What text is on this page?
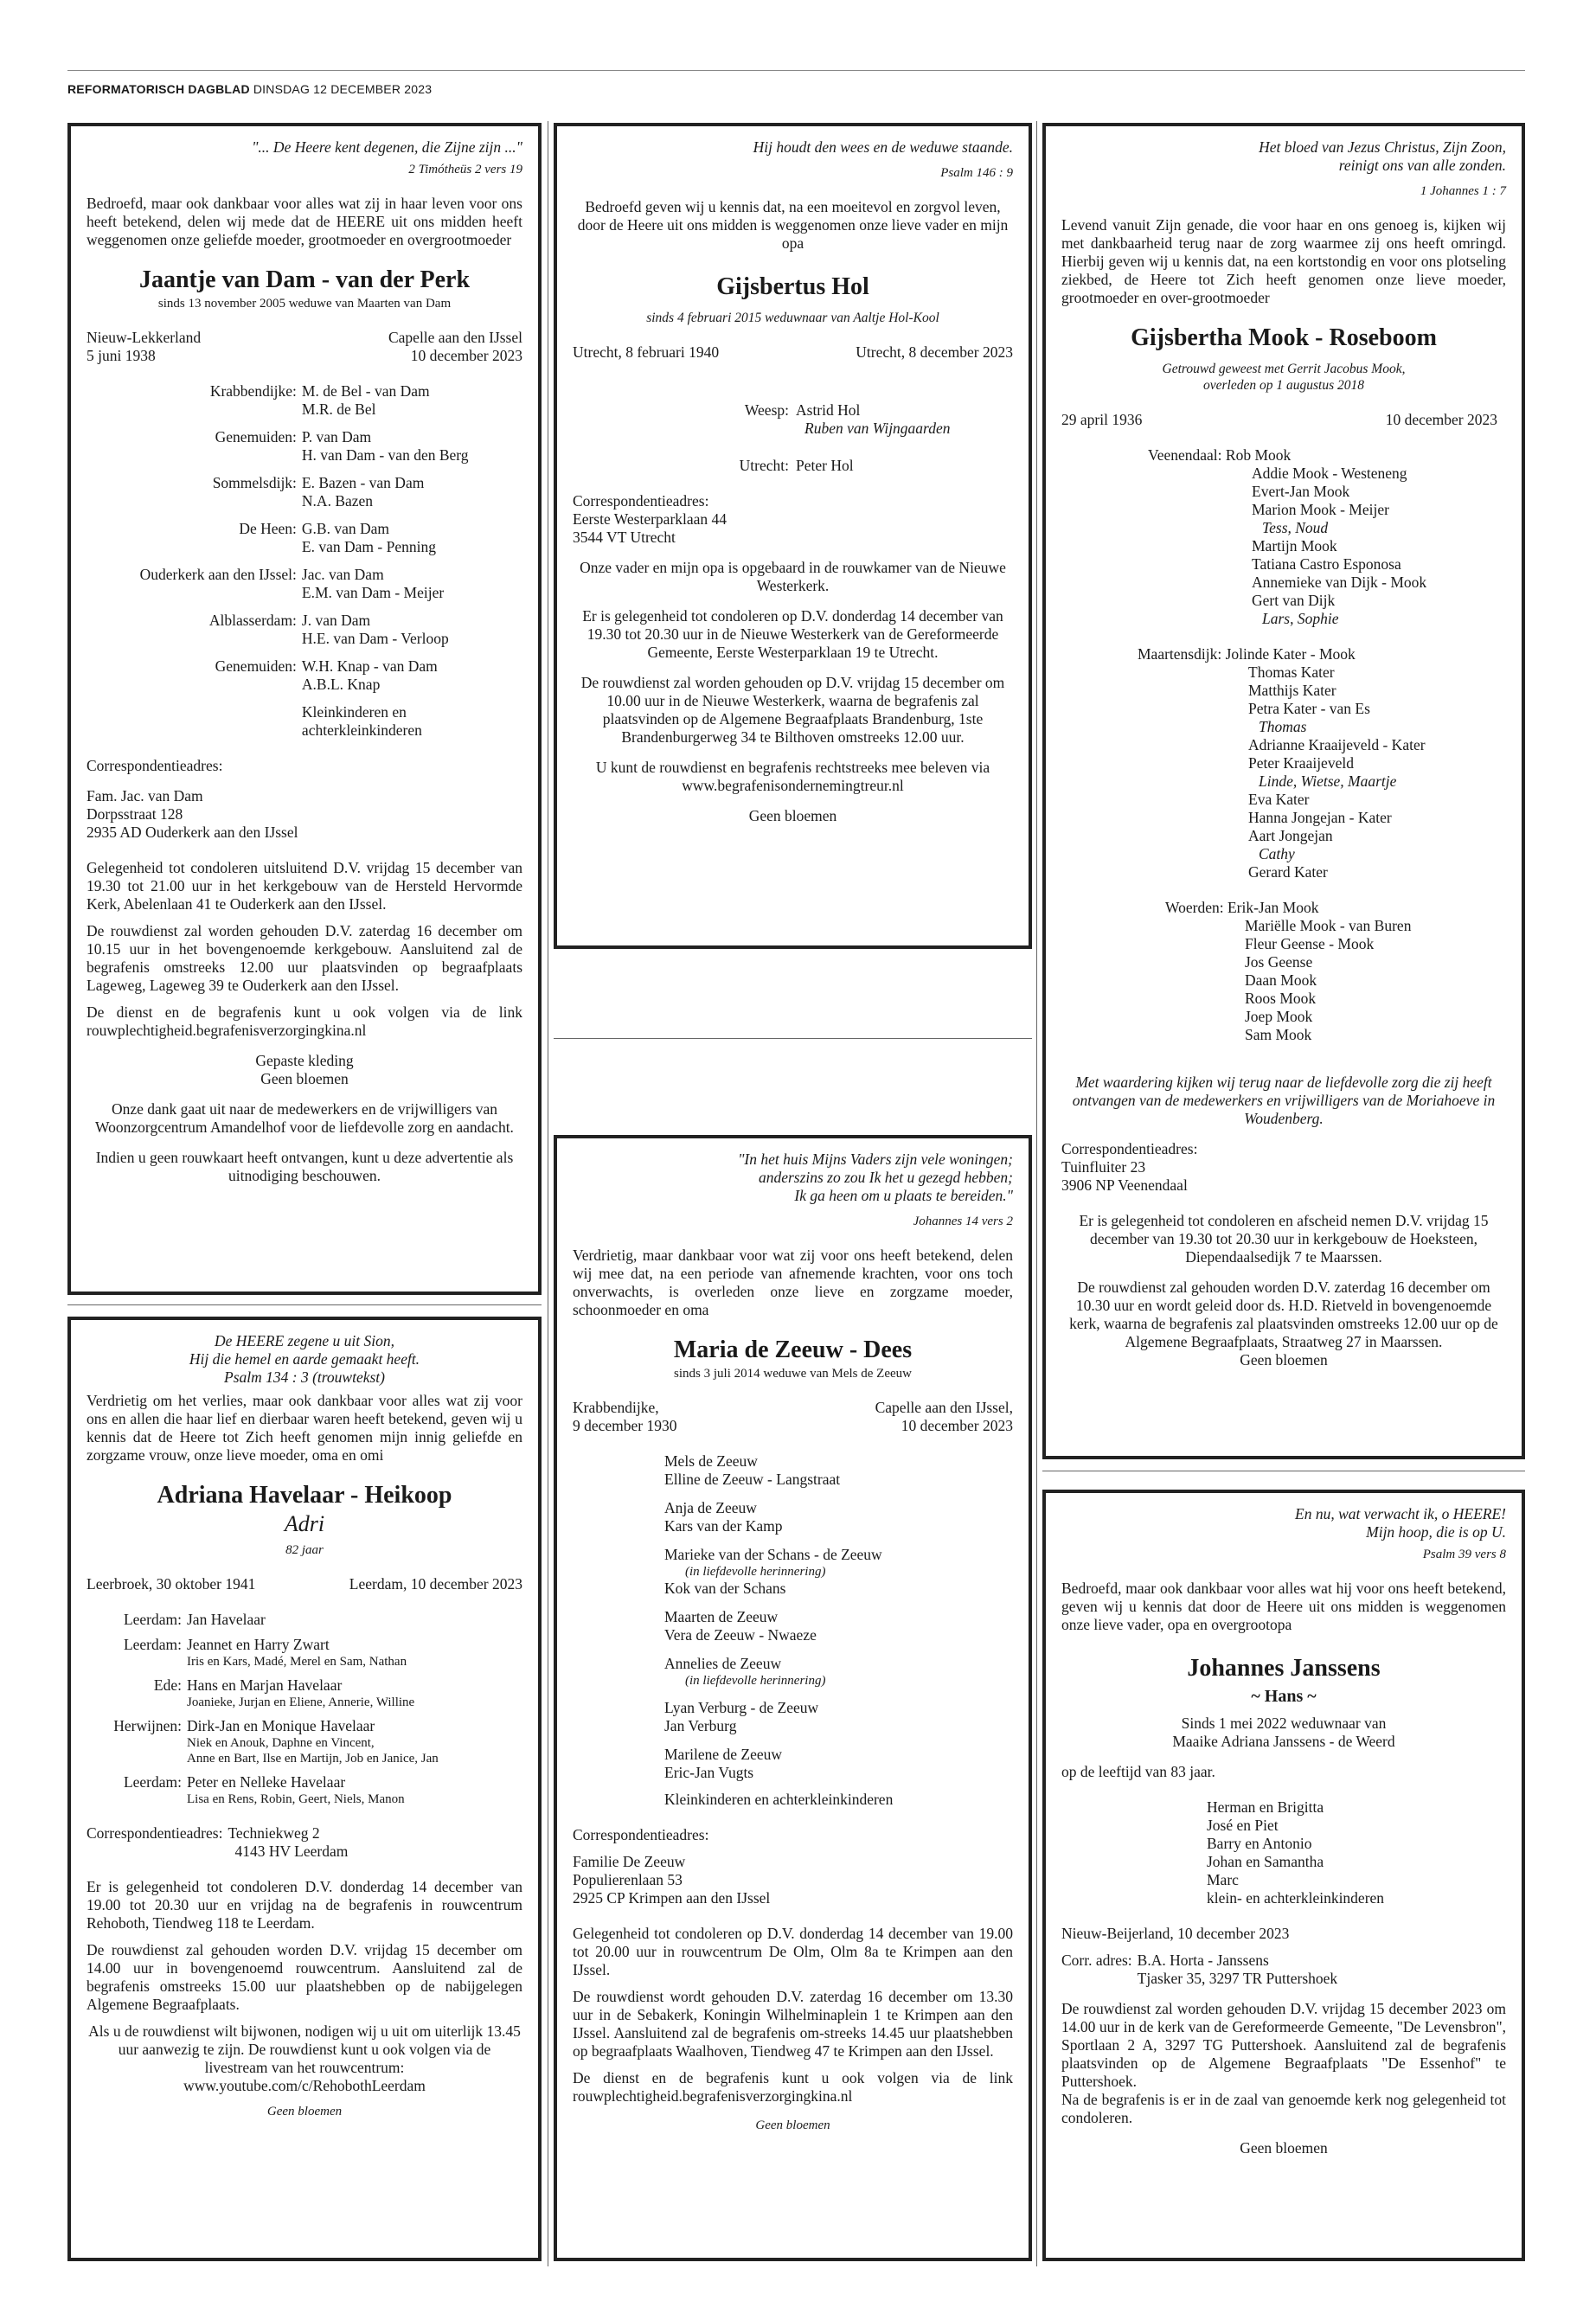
REFORMATORISCH DAGBLAD DINSDAG 12 DECEMBER 2023

"... De Heere kent degenen, die Zijne zijn ..."

2 Timótheüs 2 vers 19

Bedroefd, maar ook dankbaar voor alles wat zij in haar leven voor ons heeft betekend, delen wij mede dat de HEERE uit ons midden heeft weggenomen onze geliefde moeder, grootmoeder en overgrootmoeder

Jaantje van Dam - van der Perk

sinds 13 november 2005 weduwe van Maarten van Dam

Nieuw-Lekkerland
5 juni 1938
Capelle aan den IJssel
10 december 2023
Krabbendijke: M. de Bel - van Dam
M.R. de Bel
Genemuiden: P. van Dam
H. van Dam - van den Berg
Sommelsdijk: E. Bazen - van Dam
N.A. Bazen
De Heen: G.B. van Dam
E. van Dam - Penning
Ouderkerk aan den IJssel: Jac. van Dam
E.M. van Dam - Meijer
Alblasserdam: J. van Dam
H.E. van Dam - Verloop
Genemuiden: W.H. Knap - van Dam
A.B.L. Knap
Kleinkinderen en
achterkleinkinderen

Correspondentieadres:

Fam. Jac. van Dam
Dorpsstraat 128
2935 AD Ouderkerk aan den IJssel

Gelegenheid tot condoleren uitsluitend D.V. vrijdag 15 december van 19.30 tot 21.00 uur in het kerkgebouw van de Hersteld Hervormde Kerk, Abelenlaan 41 te Ouderkerk aan den IJssel.

De rouwdienst zal worden gehouden D.V. zaterdag 16 december om 10.15 uur in het bovengenoemde kerkgebouw. Aansluitend zal de begrafenis omstreeks 12.00 uur plaatsvinden op begraafplaats Lageweg, Lageweg 39 te Ouderkerk aan den IJssel.

De dienst en de begrafenis kunt u ook volgen via de link rouwplechtigheid.begrafenisverzorgingkina.nl

Gepaste kleding

Geen bloemen

Onze dank gaat uit naar de medewerkers en de vrijwilligers van Woonzorgcentrum Amandelhof voor de liefdevolle zorg en aandacht.

Indien u geen rouwkaart heeft ontvangen, kunt u deze advertentie als uitnodiging beschouwen.

Hij houdt den wees en de weduwe staande.

Psalm 146 : 9

Bedroefd geven wij u kennis dat, na een moeitevol en zorgvol leven, door de Heere uit ons midden is weggenomen onze lieve vader en mijn opa

Gijsbertus Hol

sinds 4 februari 2015 weduwnaar van Aaltje Hol-Kool

Utrecht, 8 februari 1940	Utrecht, 8 december 2023
Weesp: Astrid Hol
Ruben van Wijngaarden
Utrecht: Peter Hol

Correspondentieadres:

Eerste Westerparklaan 44
3544 VT Utrecht

Onze vader en mijn opa is opgebaard in de rouwkamer van de Nieuwe Westerkerk.

Er is gelegenheid tot condoleren op D.V. donderdag 14 december van 19.30 tot 20.30 uur in de Nieuwe Westerkerk van de Gereformeerde Gemeente, Eerste Westerparklaan 19 te Utrecht.

De rouwdienst zal worden gehouden op D.V. vrijdag 15 december om 10.00 uur in de Nieuwe Westerkerk, waarna de begrafenis zal plaatsvinden op de Algemene Begraafplaats Brandenburg, 1ste Brandenburgerweg 34 te Bilthoven omstreeks 12.00 uur.

U kunt de rouwdienst en begrafenis rechtstreeks mee beleven via www.begrafenisondernemingtreur.nl

Geen bloemen

Het bloed van Jezus Christus, Zijn Zoon,

reinigt ons van alle zonden.

1 Johannes 1 : 7

Levend vanuit Zijn genade, die voor haar en ons genoeg is, kijken wij met dankbaarheid terug naar de zorg waarmee zij ons heeft omringd. Hierbij geven wij u kennis dat, na een kortstondig en voor ons plotseling ziekbed, de Heere tot Zich heeft genomen onze lieve moeder, grootmoeder en over-grootmoeder

Gijsbertha Mook - Roseboom

Getrouwd geweest met Gerrit Jacobus Mook,

overleden op 1 augustus 2018

29 april 1936	10 december 2023
Veenendaal: Rob Mook
Addie Mook - Westeneng
Evert-Jan Mook
Marion Mook - Meijer
Tess, Noud
Martijn Mook
Tatiana Castro Esponosa
Annemieke van Dijk - Mook
Gert van Dijk
Lars, Sophie
Maartensdijk: Jolinde Kater - Mook
Thomas Kater
Matthijs Kater
Petra Kater - van Es
Thomas
Adrianne Kraaijeveld - Kater
Peter Kraaijeveld
Linde, Wietse, Maartje
Eva Kater
Hanna Jongejan - Kater
Aart Jongejan
Cathy
Gerard Kater
Woerden: Erik-Jan Mook
Mariëlle Mook - van Buren
Fleur Geense - Mook
Jos Geense
Daan Mook
Roos Mook
Joep Mook
Sam Mook

Met waardering kijken wij terug naar de liefdevolle zorg die zij heeft ontvangen van de medewerkers en vrijwilligers van de Moriahoeve in Woudenberg.

Correspondentieadres:

Tuinfluiter 23
3906 NP Veenendaal

Er is gelegenheid tot condoleren en afscheid nemen D.V. vrijdag 15 december van 19.30 tot 20.30 uur in kerkgebouw de Hoeksteen, Diependaalsedijk 7 te Maarssen.

De rouwdienst zal gehouden worden D.V. zaterdag 16 december om 10.30 uur en wordt geleid door ds. H.D. Rietveld in bovengenoemde kerk, waarna de begrafenis zal plaatsvinden omstreeks 12.00 uur op de Algemene Begraafplaats, Straatweg 27 in Maarssen.

Geen bloemen

De HEERE zegene u uit Sion,

Hij die hemel en aarde gemaakt heeft.

Psalm 134 : 3 (trouwtekst)

Verdrietig om het verlies, maar ook dankbaar voor alles wat zij voor ons en allen die haar lief en dierbaar waren heeft betekend, geven wij u kennis dat de Heere tot Zich heeft genomen mijn innig geliefde en zorgzame vrouw, onze lieve moeder, oma en omi

Adriana Havelaar - Heikoop

Adri

82 jaar

Leerbroek, 30 oktober 1941	Leerdam, 10 december 2023
Leerdam: Jan Havelaar
Leerdam: Jeannet en Harry Zwart
Iris en Kars, Madé, Merel en Sam, Nathan
Ede: Hans en Marjan Havelaar
Joanieke, Jurjan en Eliene, Annerie, Willine
Herwijnen: Dirk-Jan en Monique Havelaar
Niek en Anouk, Daphne en Vincent,
Anne en Bart, Ilse en Martijn, Job en Janice, Jan
Leerdam: Peter en Nelleke Havelaar
Lisa en Rens, Robin, Geert, Niels, Manon
Correspondentieadres: Techniekweg 2
4143 HV Leerdam

Er is gelegenheid tot condoleren D.V. donderdag 14 december van 19.00 tot 20.30 uur en vrijdag na de begrafenis in rouwcentrum Rehoboth, Tiendweg 118 te Leerdam.

De rouwdienst zal gehouden worden D.V. vrijdag 15 december om 14.00 uur in bovengenoemd rouwcentrum. Aansluitend zal de begrafenis omstreeks 15.00 uur plaatshebben op de nabijgelegen Algemene Begraafplaats.

Als u de rouwdienst wilt bijwonen, nodigen wij u uit om uiterlijk 13.45 uur aanwezig te zijn. De rouwdienst kunt u ook volgen via de livestream van het rouwcentrum:

www.youtube.com/c/RehobothLeerdam

Geen bloemen

"In het huis Mijns Vaders zijn vele woningen;

anderszins zo zou Ik het u gezegd hebben;

Ik ga heen om u plaats te bereiden."

Johannes 14 vers 2

Verdrietig, maar dankbaar voor wat zij voor ons heeft betekend, delen wij mee dat, na een periode van afnemende krachten, voor ons toch onverwachts, is overleden onze lieve en zorgzame moeder, schoonmoeder en oma

Maria de Zeeuw - Dees

sinds 3 juli 2014 weduwe van Mels de Zeeuw

Krabbendijke,
9 december 1930
Capelle aan den IJssel,
10 december 2023
Mels de Zeeuw
Elline de Zeeuw - Langstraat
Anja de Zeeuw
Kars van der Kamp
Marieke van der Schans - de Zeeuw
(in liefdevolle herinnering)
Kok van der Schans
Maarten de Zeeuw
Vera de Zeeuw - Nwaeze
Annelies de Zeeuw
(in liefdevolle herinnering)
Lyan Verburg - de Zeeuw
Jan Verburg
Marilene de Zeeuw
Eric-Jan Vugts

Kleinkinderen en achterkleinkinderen

Correspondentieadres:

Familie De Zeeuw
Populierenlaan 53
2925 CP Krimpen aan den IJssel

Gelegenheid tot condoleren op D.V. donderdag 14 december van 19.00 tot 20.00 uur in rouwcentrum De Olm, Olm 8a te Krimpen aan den IJssel.

De rouwdienst wordt gehouden D.V. zaterdag 16 december om 13.30 uur in de Sebakerk, Koningin Wilhelminaplein 1 te Krimpen aan den IJssel. Aansluitend zal de begrafenis om-streeks 14.45 uur plaatshebben op begraafplaats Waalhoven, Tiendweg 47 te Krimpen aan den IJssel.

De dienst en de begrafenis kunt u ook volgen via de link rouwplechtigheid.begrafenisverzorgingkina.nl

Geen bloemen

En nu, wat verwacht ik, o HEERE!

Mijn hoop, die is op U.

Psalm 39 vers 8

Bedroefd, maar ook dankbaar voor alles wat hij voor ons heeft betekend, geven wij u kennis dat door de Heere uit ons midden is weggenomen onze lieve vader, opa en overgrootopa

Johannes Janssens

~ Hans ~

Sinds 1 mei 2022 weduwnaar van

Maaike Adriana Janssens - de Weerd

op de leeftijd van 83 jaar.

Herman en Brigitta
José en Piet
Barry en Antonio
Johan en Samantha
Marc
klein- en achterkleinkinderen

Nieuw-Beijerland, 10 december 2023

Corr. adres: B.A. Horta - Janssens
Tjasker 35, 3297 TR Puttershoek

De rouwdienst zal worden gehouden D.V. vrijdag 15 december 2023 om 14.00 uur in de kerk van de Gereformeerde Gemeente, "De Levensbron", Sportlaan 2 A, 3297 TG Puttershoek. Aansluitend zal de begrafenis plaatsvinden op de Algemene Begraafplaats "De Essenhof" te Puttershoek.

Na de begrafenis is er in de zaal van genoemde kerk nog gelegenheid tot condoleren.

Geen bloemen
